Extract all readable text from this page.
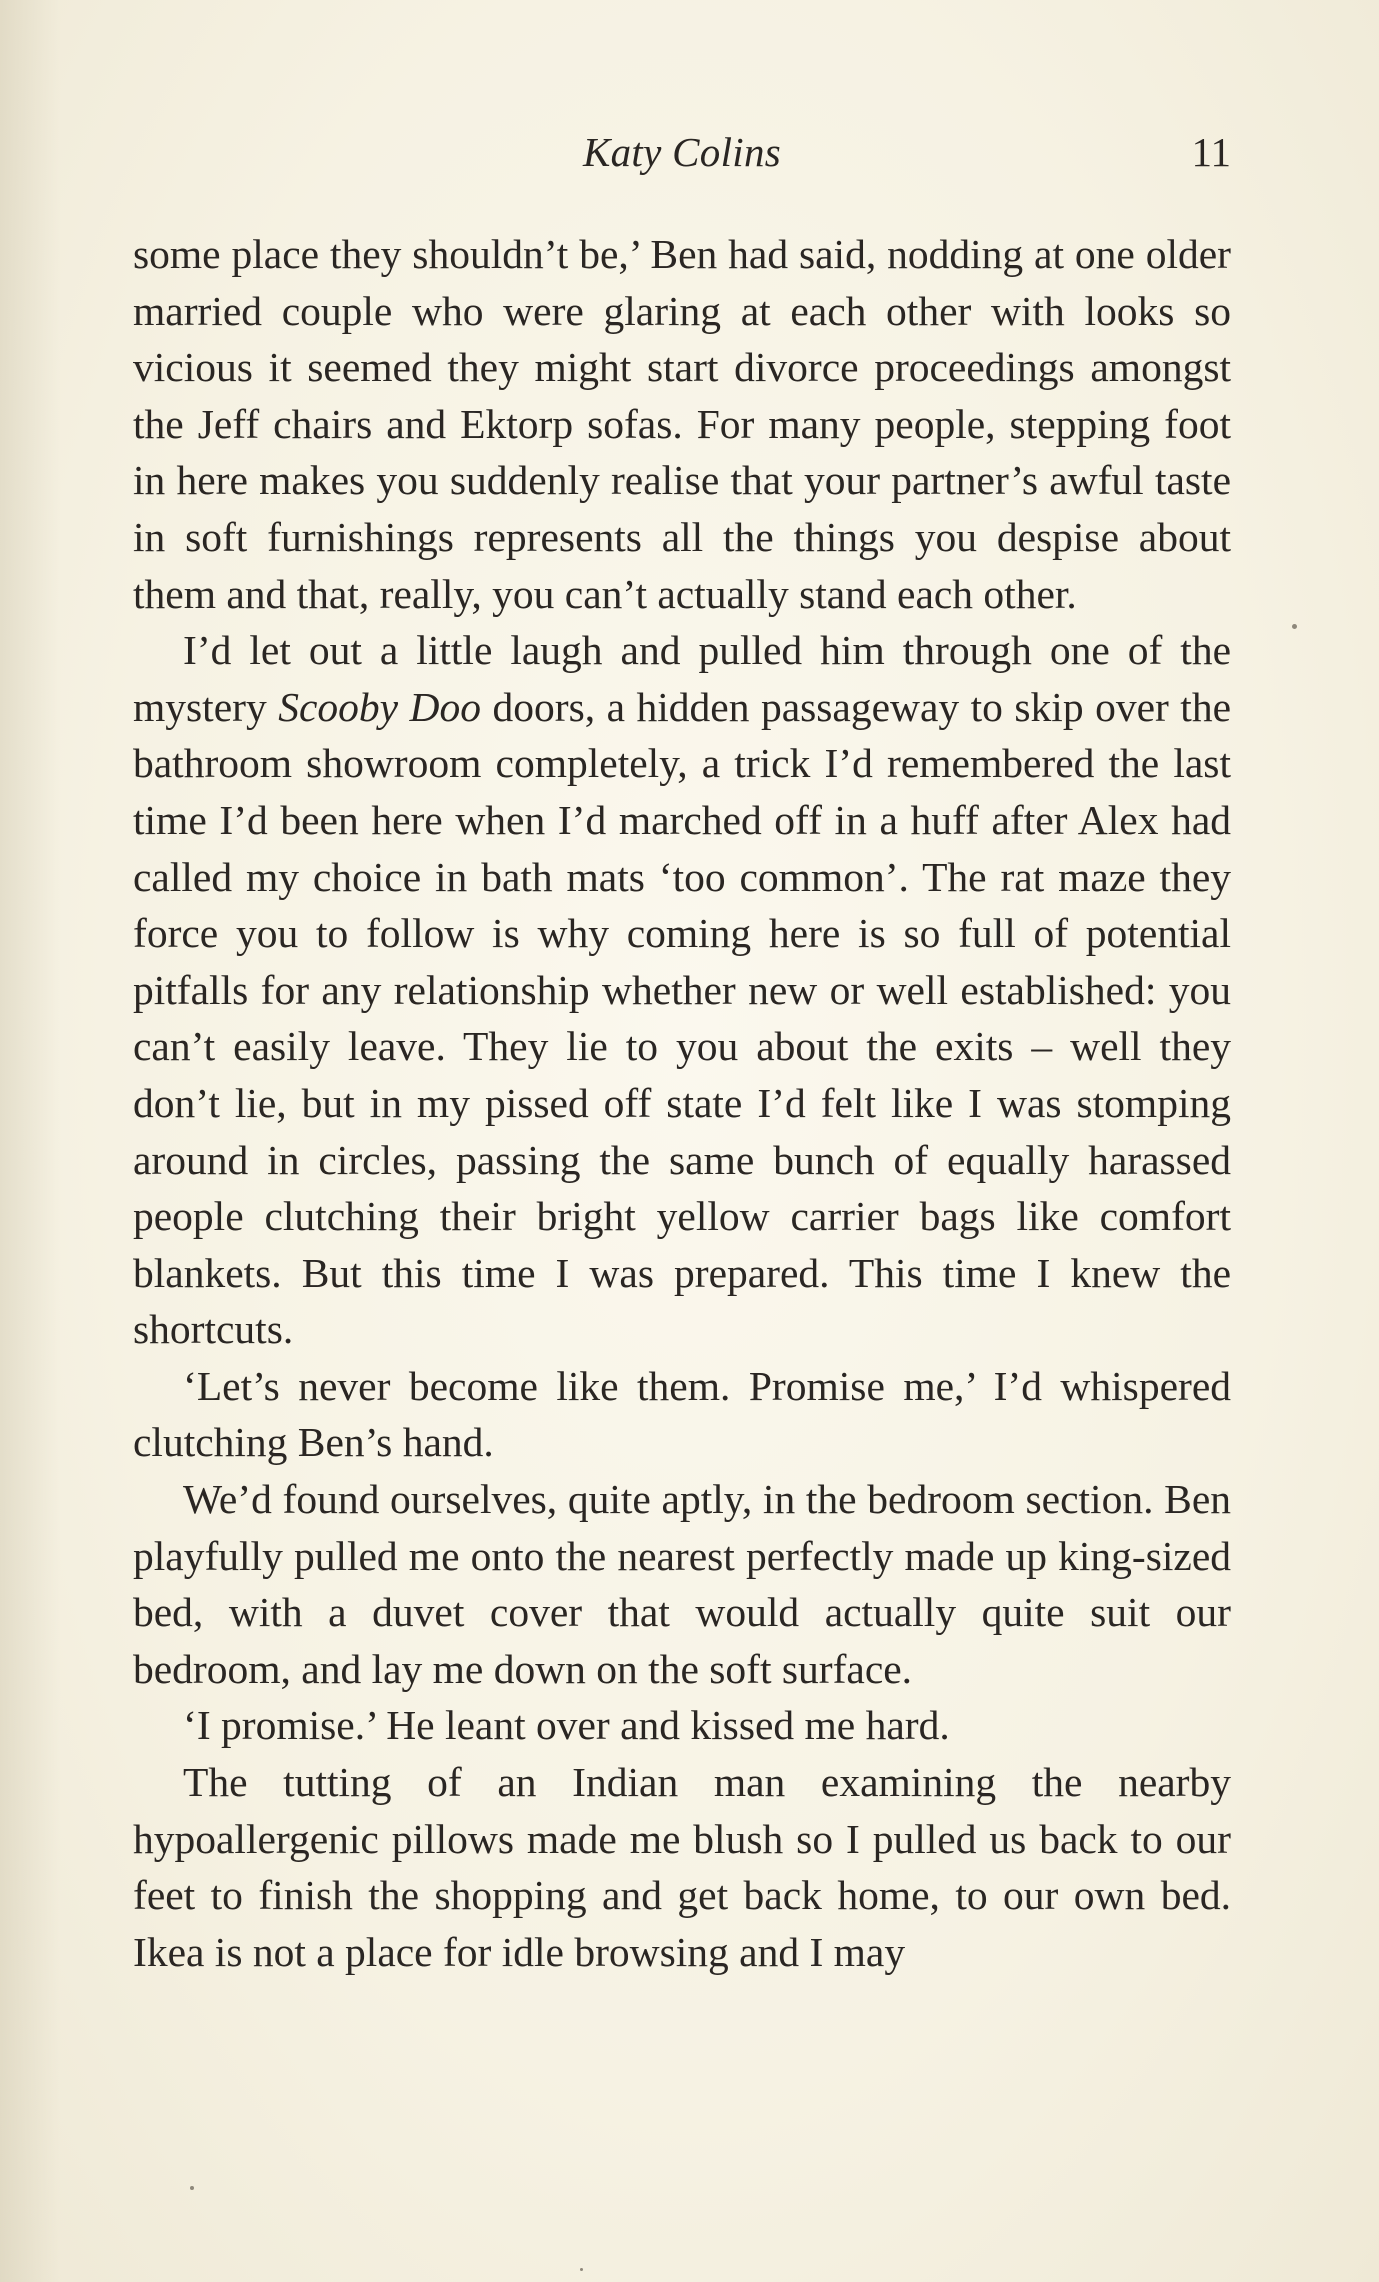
Katy Colins	11

some place they shouldn’t be,’ Ben had said, nodding at one older married couple who were glaring at each other with looks so vicious it seemed they might start divorce proceedings amongst the Jeff chairs and Ektorp sofas. For many people, stepping foot in here makes you suddenly realise that your partner’s awful taste in soft furnishings represents all the things you despise about them and that, really, you can’t actually stand each other.

I’d let out a little laugh and pulled him through one of the mystery Scooby Doo doors, a hidden passageway to skip over the bathroom showroom completely, a trick I’d remembered the last time I’d been here when I’d marched off in a huff after Alex had called my choice in bath mats ‘too common’. The rat maze they force you to follow is why coming here is so full of potential pitfalls for any relationship whether new or well established: you can’t easily leave. They lie to you about the exits – well they don’t lie, but in my pissed off state I’d felt like I was stomping around in circles, passing the same bunch of equally harassed people clutching their bright yellow carrier bags like comfort blankets. But this time I was prepared. This time I knew the shortcuts.

‘Let’s never become like them. Promise me,’ I’d whispered clutching Ben’s hand.

We’d found ourselves, quite aptly, in the bedroom section. Ben playfully pulled me onto the nearest perfectly made up king-sized bed, with a duvet cover that would actually quite suit our bedroom, and lay me down on the soft surface.

‘I promise.’ He leant over and kissed me hard.

The tutting of an Indian man examining the nearby hypoallergenic pillows made me blush so I pulled us back to our feet to finish the shopping and get back home, to our own bed. Ikea is not a place for idle browsing and I may
